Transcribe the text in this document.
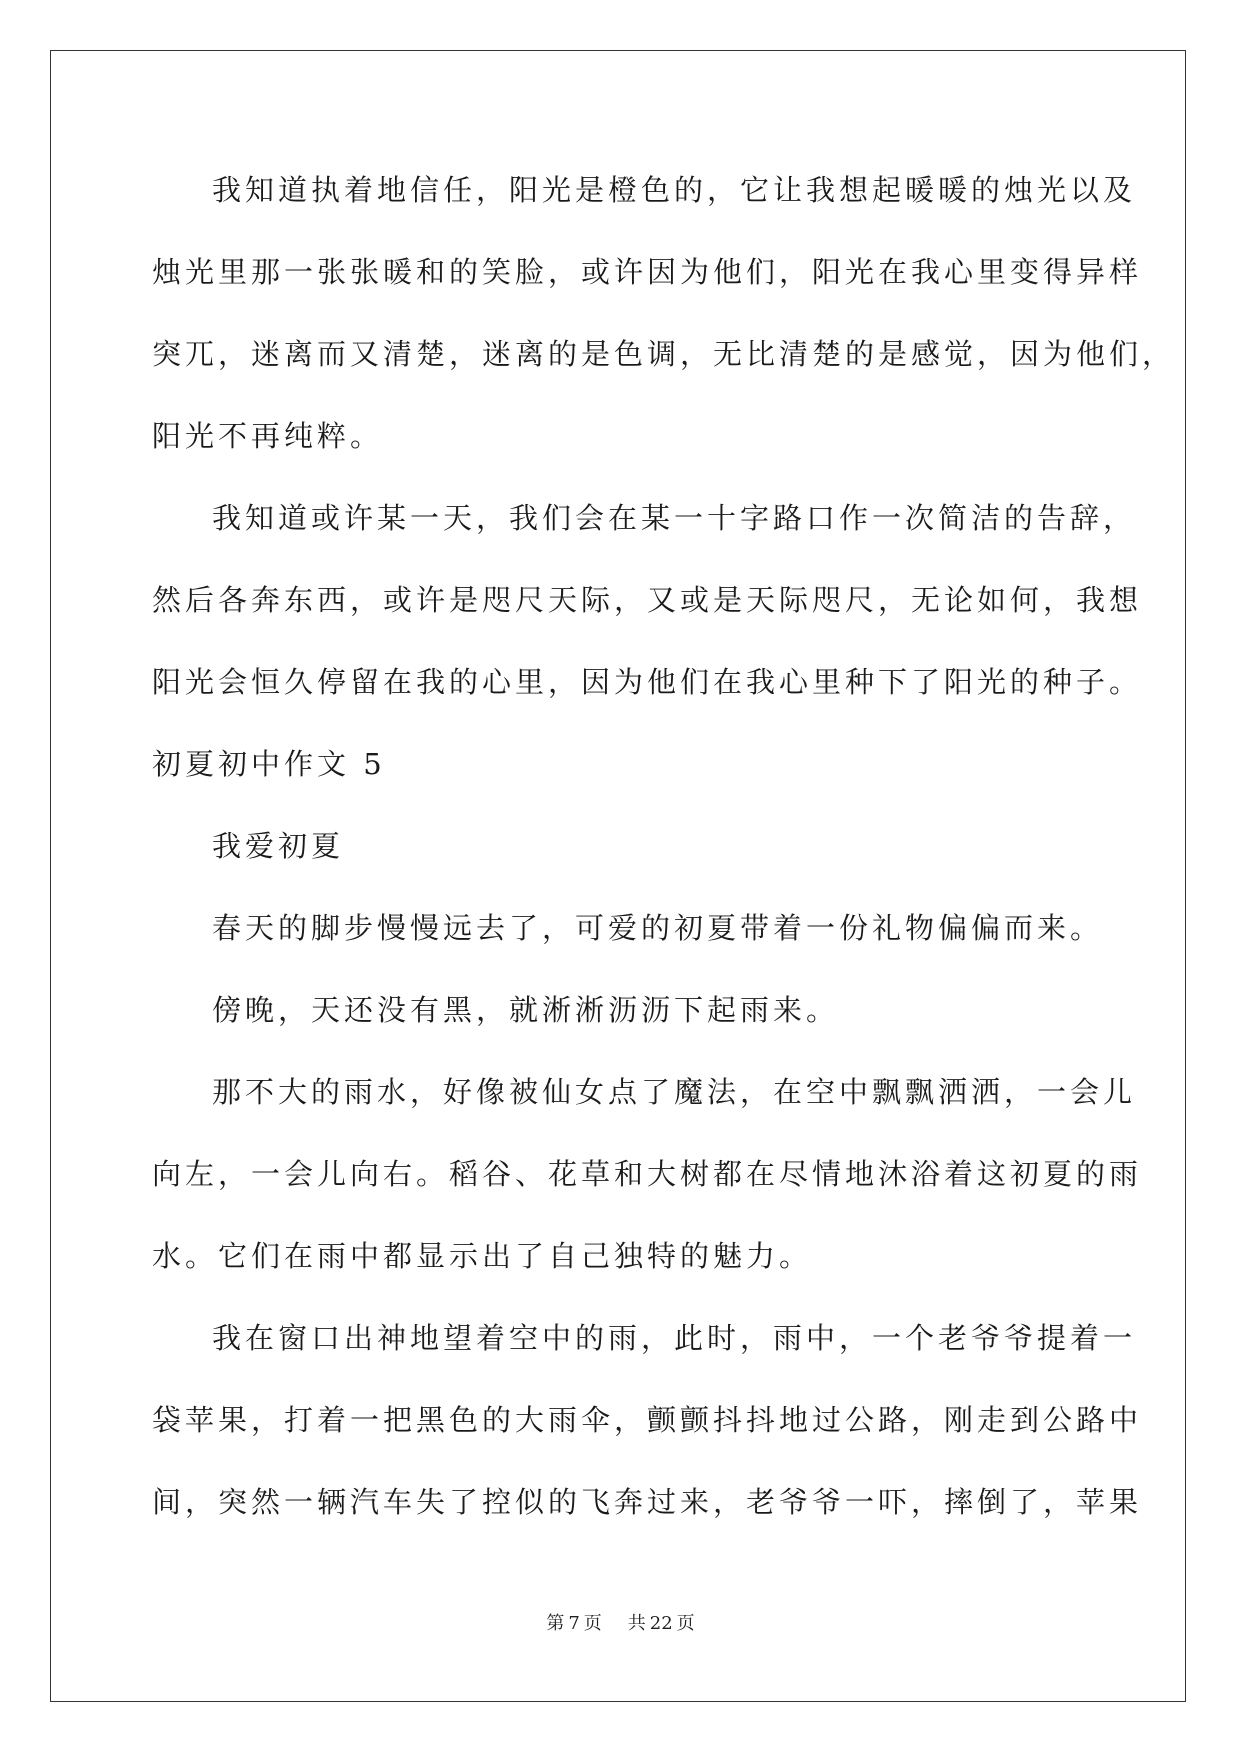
我知道执着地信任，阳光是橙色的，它让我想起暖暖的烛光以及
烛光里那一张张暖和的笑脸，或许因为他们，阳光在我心里变得异样
突兀，迷离而又清楚，迷离的是色调，无比清楚的是感觉，因为他们，
阳光不再纯粹。
我知道或许某一天，我们会在某一十字路口作一次简洁的告辞，
然后各奔东西，或许是咫尺天际，又或是天际咫尺，无论如何，我想
阳光会恒久停留在我的心里，因为他们在我心里种下了阳光的种子。
初夏初中作文 5
我爱初夏
春天的脚步慢慢远去了，可爱的初夏带着一份礼物偏偏而来。
傍晚，天还没有黑，就淅淅沥沥下起雨来。
那不大的雨水，好像被仙女点了魔法，在空中飘飘洒洒，一会儿
向左，一会儿向右。稻谷、花草和大树都在尽情地沐浴着这初夏的雨
水。它们在雨中都显示出了自己独特的魅力。
我在窗口出神地望着空中的雨，此时，雨中，一个老爷爷提着一
袋苹果，打着一把黑色的大雨伞，颤颤抖抖地过公路，刚走到公路中
间，突然一辆汽车失了控似的飞奔过来，老爷爷一吓，摔倒了，苹果
第 7 页 共 22 页
